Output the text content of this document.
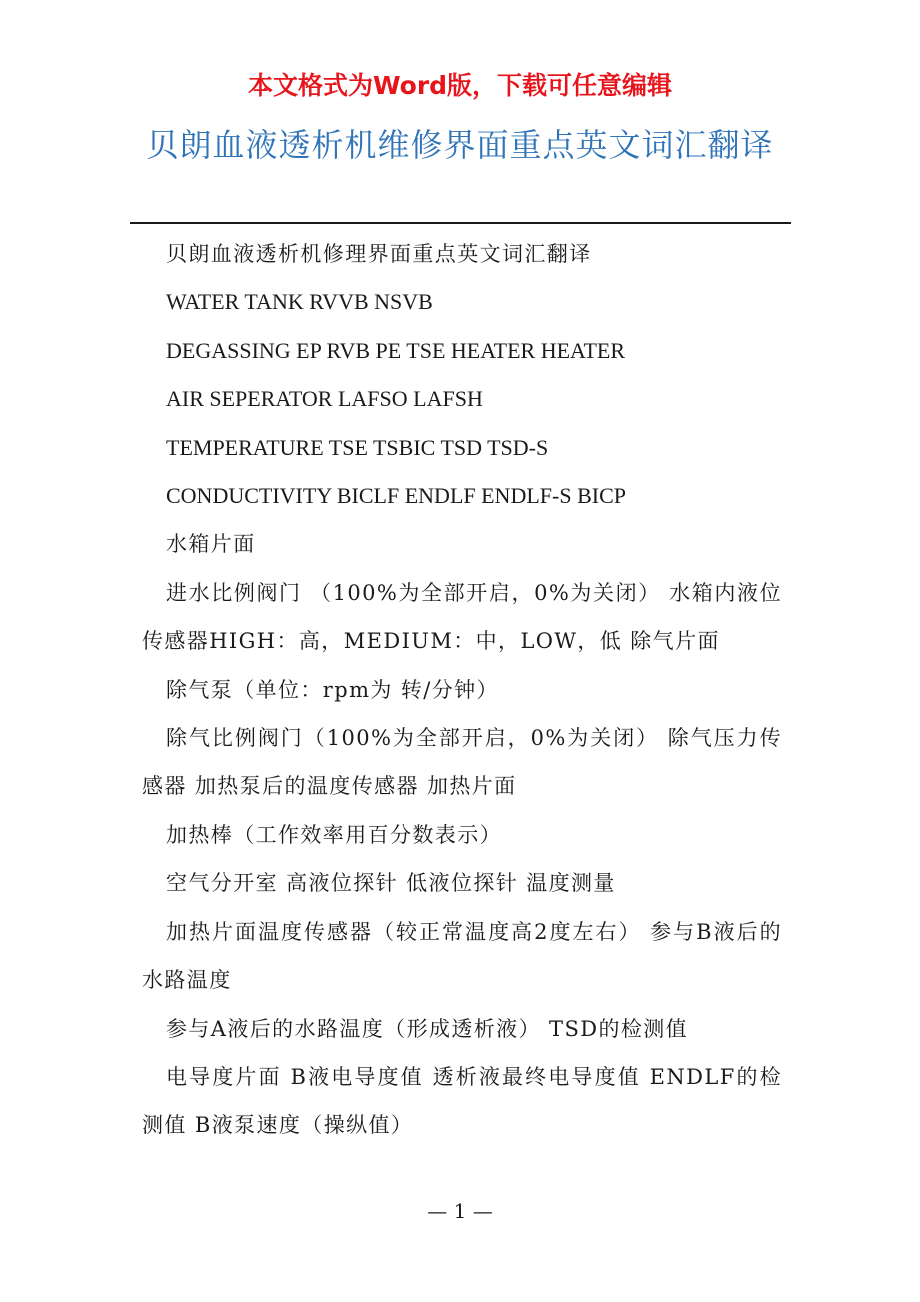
本文格式为Word版，下载可任意编辑
贝朗血液透析机维修界面重点英文词汇翻译

贝朗血液透析机修理界面重点英文词汇翻译

WATER TANK RVVB NSVB

DEGASSING EP RVB PE TSE HEATER HEATER

AIR SEPERATOR LAFSO LAFSH

TEMPERATURE TSE TSBIC TSD TSD-S

CONDUCTIVITY BICLF ENDLF ENDLF-S BICP

水箱片面

进水比例阀门 （100%为全部开启，0%为关闭） 水箱内液位传感器HIGH：高，MEDIUM：中，LOW，低 除气片面

除气泵（单位：rpm为 转/分钟）

除气比例阀门（100%为全部开启，0%为关闭） 除气压力传感器 加热泵后的温度传感器 加热片面

加热棒（工作效率用百分数表示）

空气分开室 高液位探针 低液位探针 温度测量

加热片面温度传感器（较正常温度高2度左右） 参与B液后的水路温度

参与A液后的水路温度（形成透析液） TSD的检测值

电导度片面 B液电导度值 透析液最终电导度值 ENDLF的检测值 B液泵速度（操纵值）

— 1 —
